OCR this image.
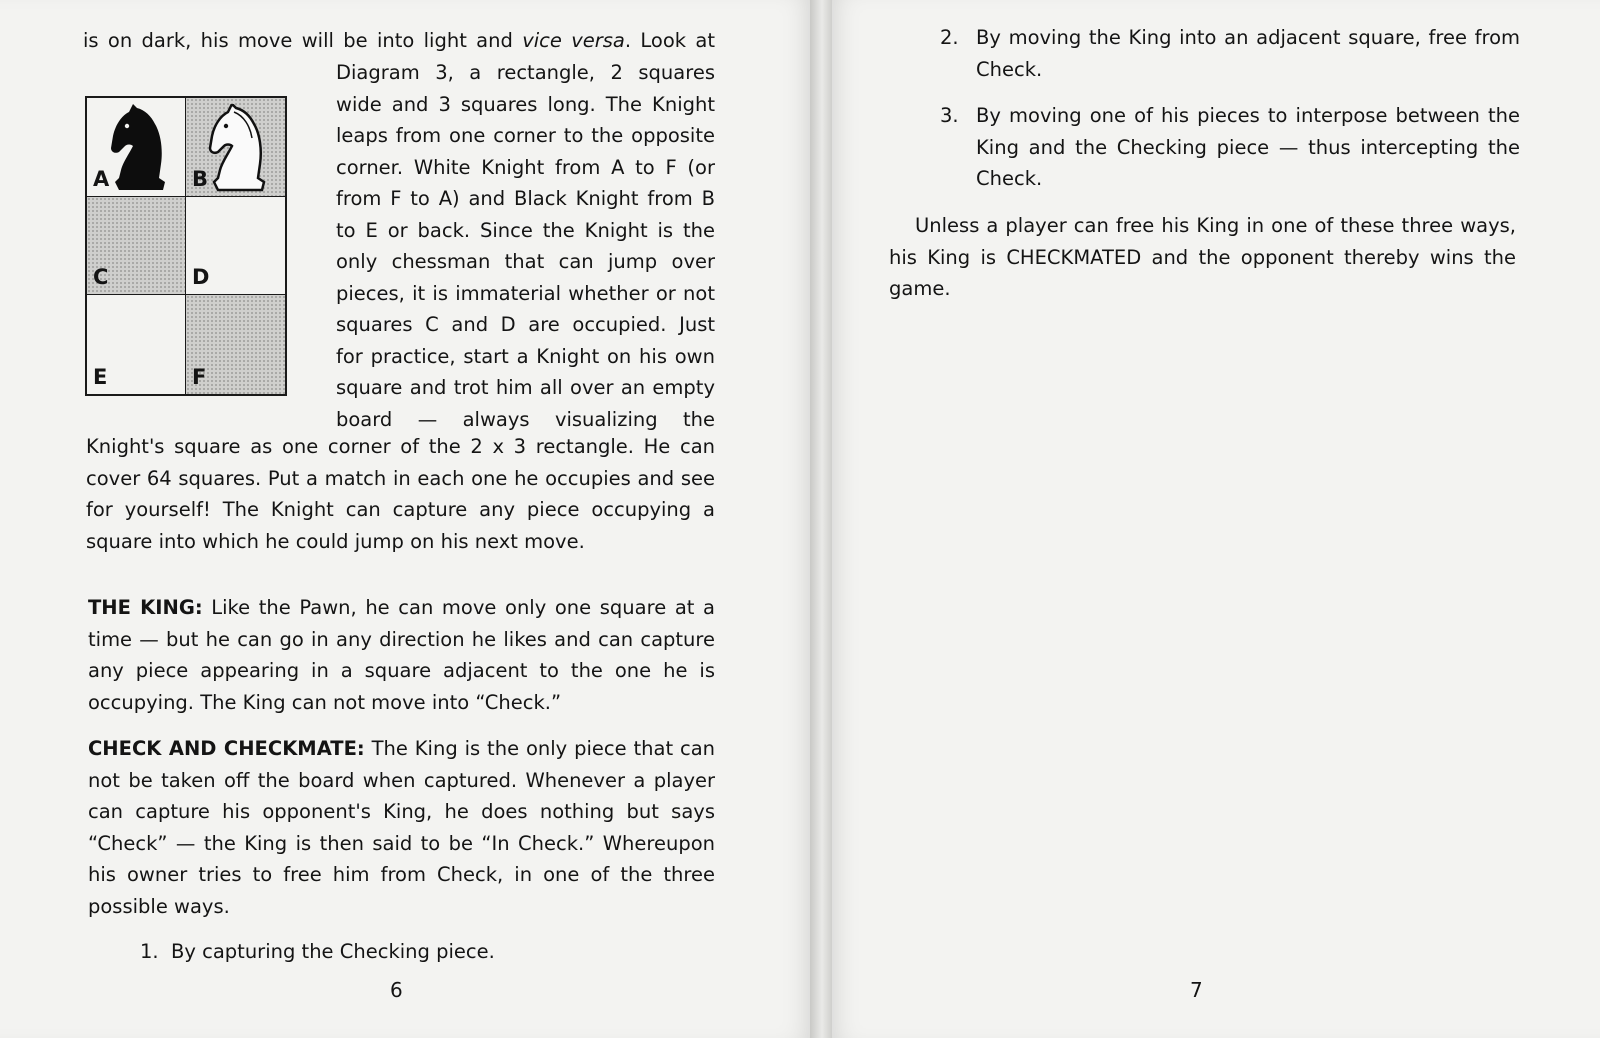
is on dark, his move will be into light and vice versa. Look at
A	B
C	D
E	F
Diagram 3, a rectangle, 2 squares
wide and 3 squares long. The Knight
leaps from one corner to the opposite
corner. White Knight from A to F (or
from F to A) and Black Knight from B
to E or back. Since the Knight is the
only chessman that can jump over
pieces, it is immaterial whether or not
squares C and D are occupied. Just
for practice, start a Knight on his own
square and trot him all over an empty
board — always visualizing the
Knight's square as one corner of the 2 x 3 rectangle. He can
cover 64 squares. Put a match in each one he occupies and see
for yourself! The Knight can capture any piece occupying a
square into which he could jump on his next move.
THE KING: Like the Pawn, he can move only one square at a
time — but he can go in any direction he likes and can capture
any piece appearing in a square adjacent to the one he is
occupying. The King can not move into “Check.”
CHECK AND CHECKMATE: The King is the only piece that can
not be taken off the board when captured. Whenever a player
can capture his opponent's King, he does nothing but says
“Check” — the King is then said to be “In Check.” Whereupon
his owner tries to free him from Check, in one of the three
possible ways.
1. By capturing the Checking piece.
6
2. By moving the King into an adjacent square, free from
Check.
3. By moving one of his pieces to interpose between the
King and the Checking piece — thus intercepting the
Check.
Unless a player can free his King in one of these three ways,
his King is CHECKMATED and the opponent thereby wins the
game.
7
